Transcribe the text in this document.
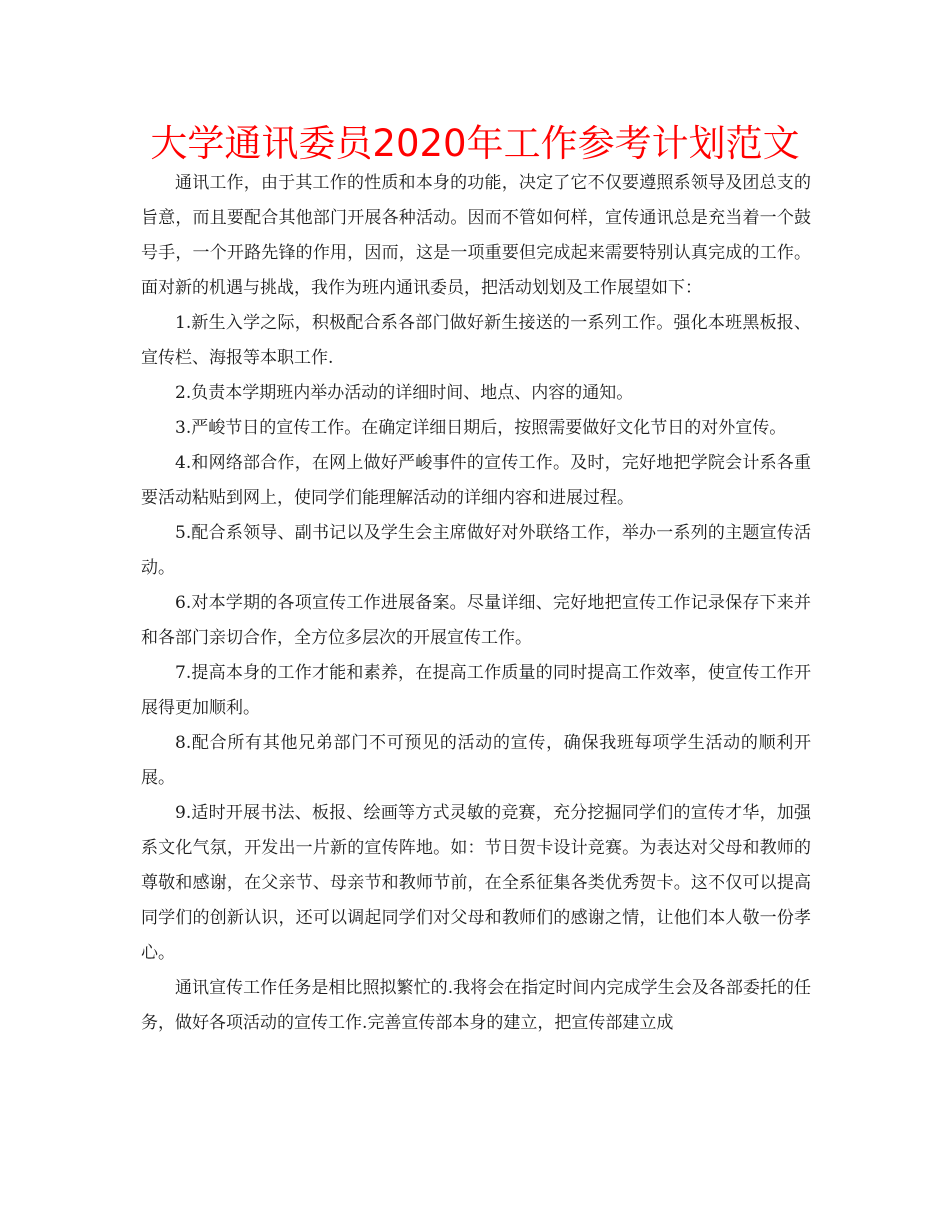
大学通讯委员2020年工作参考计划范文

通讯工作，由于其工作的性质和本身的功能，决定了它不仅要遵照系领导及团总支的旨意，而且要配合其他部门开展各种活动。因而不管如何样，宣传通讯总是充当着一个鼓号手，一个开路先锋的作用，因而，这是一项重要但完成起来需要特别认真完成的工作。面对新的机遇与挑战，我作为班内通讯委员，把活动划划及工作展望如下：

1.新生入学之际，积极配合系各部门做好新生接送的一系列工作。强化本班黑板报、宣传栏、海报等本职工作.

2.负责本学期班内举办活动的详细时间、地点、内容的通知。

3.严峻节日的宣传工作。在确定详细日期后，按照需要做好文化节日的对外宣传。

4.和网络部合作，在网上做好严峻事件的宣传工作。及时，完好地把学院会计系各重要活动粘贴到网上，使同学们能理解活动的详细内容和进展过程。

5.配合系领导、副书记以及学生会主席做好对外联络工作，举办一系列的主题宣传活动。

6.对本学期的各项宣传工作进展备案。尽量详细、完好地把宣传工作记录保存下来并和各部门亲切合作，全方位多层次的开展宣传工作。

7.提高本身的工作才能和素养，在提高工作质量的同时提高工作效率，使宣传工作开展得更加顺利。

8.配合所有其他兄弟部门不可预见的活动的宣传，确保我班每项学生活动的顺利开展。

9.适时开展书法、板报、绘画等方式灵敏的竞赛，充分挖掘同学们的宣传才华，加强系文化气氛，开发出一片新的宣传阵地。如：节日贺卡设计竞赛。为表达对父母和教师的尊敬和感谢，在父亲节、母亲节和教师节前，在全系征集各类优秀贺卡。这不仅可以提高同学们的创新认识，还可以调起同学们对父母和教师们的感谢之情，让他们本人敬一份孝心。

通讯宣传工作任务是相比照拟繁忙的.我将会在指定时间内完成学生会及各部委托的任务，做好各项活动的宣传工作.完善宣传部本身的建立，把宣传部建立成
